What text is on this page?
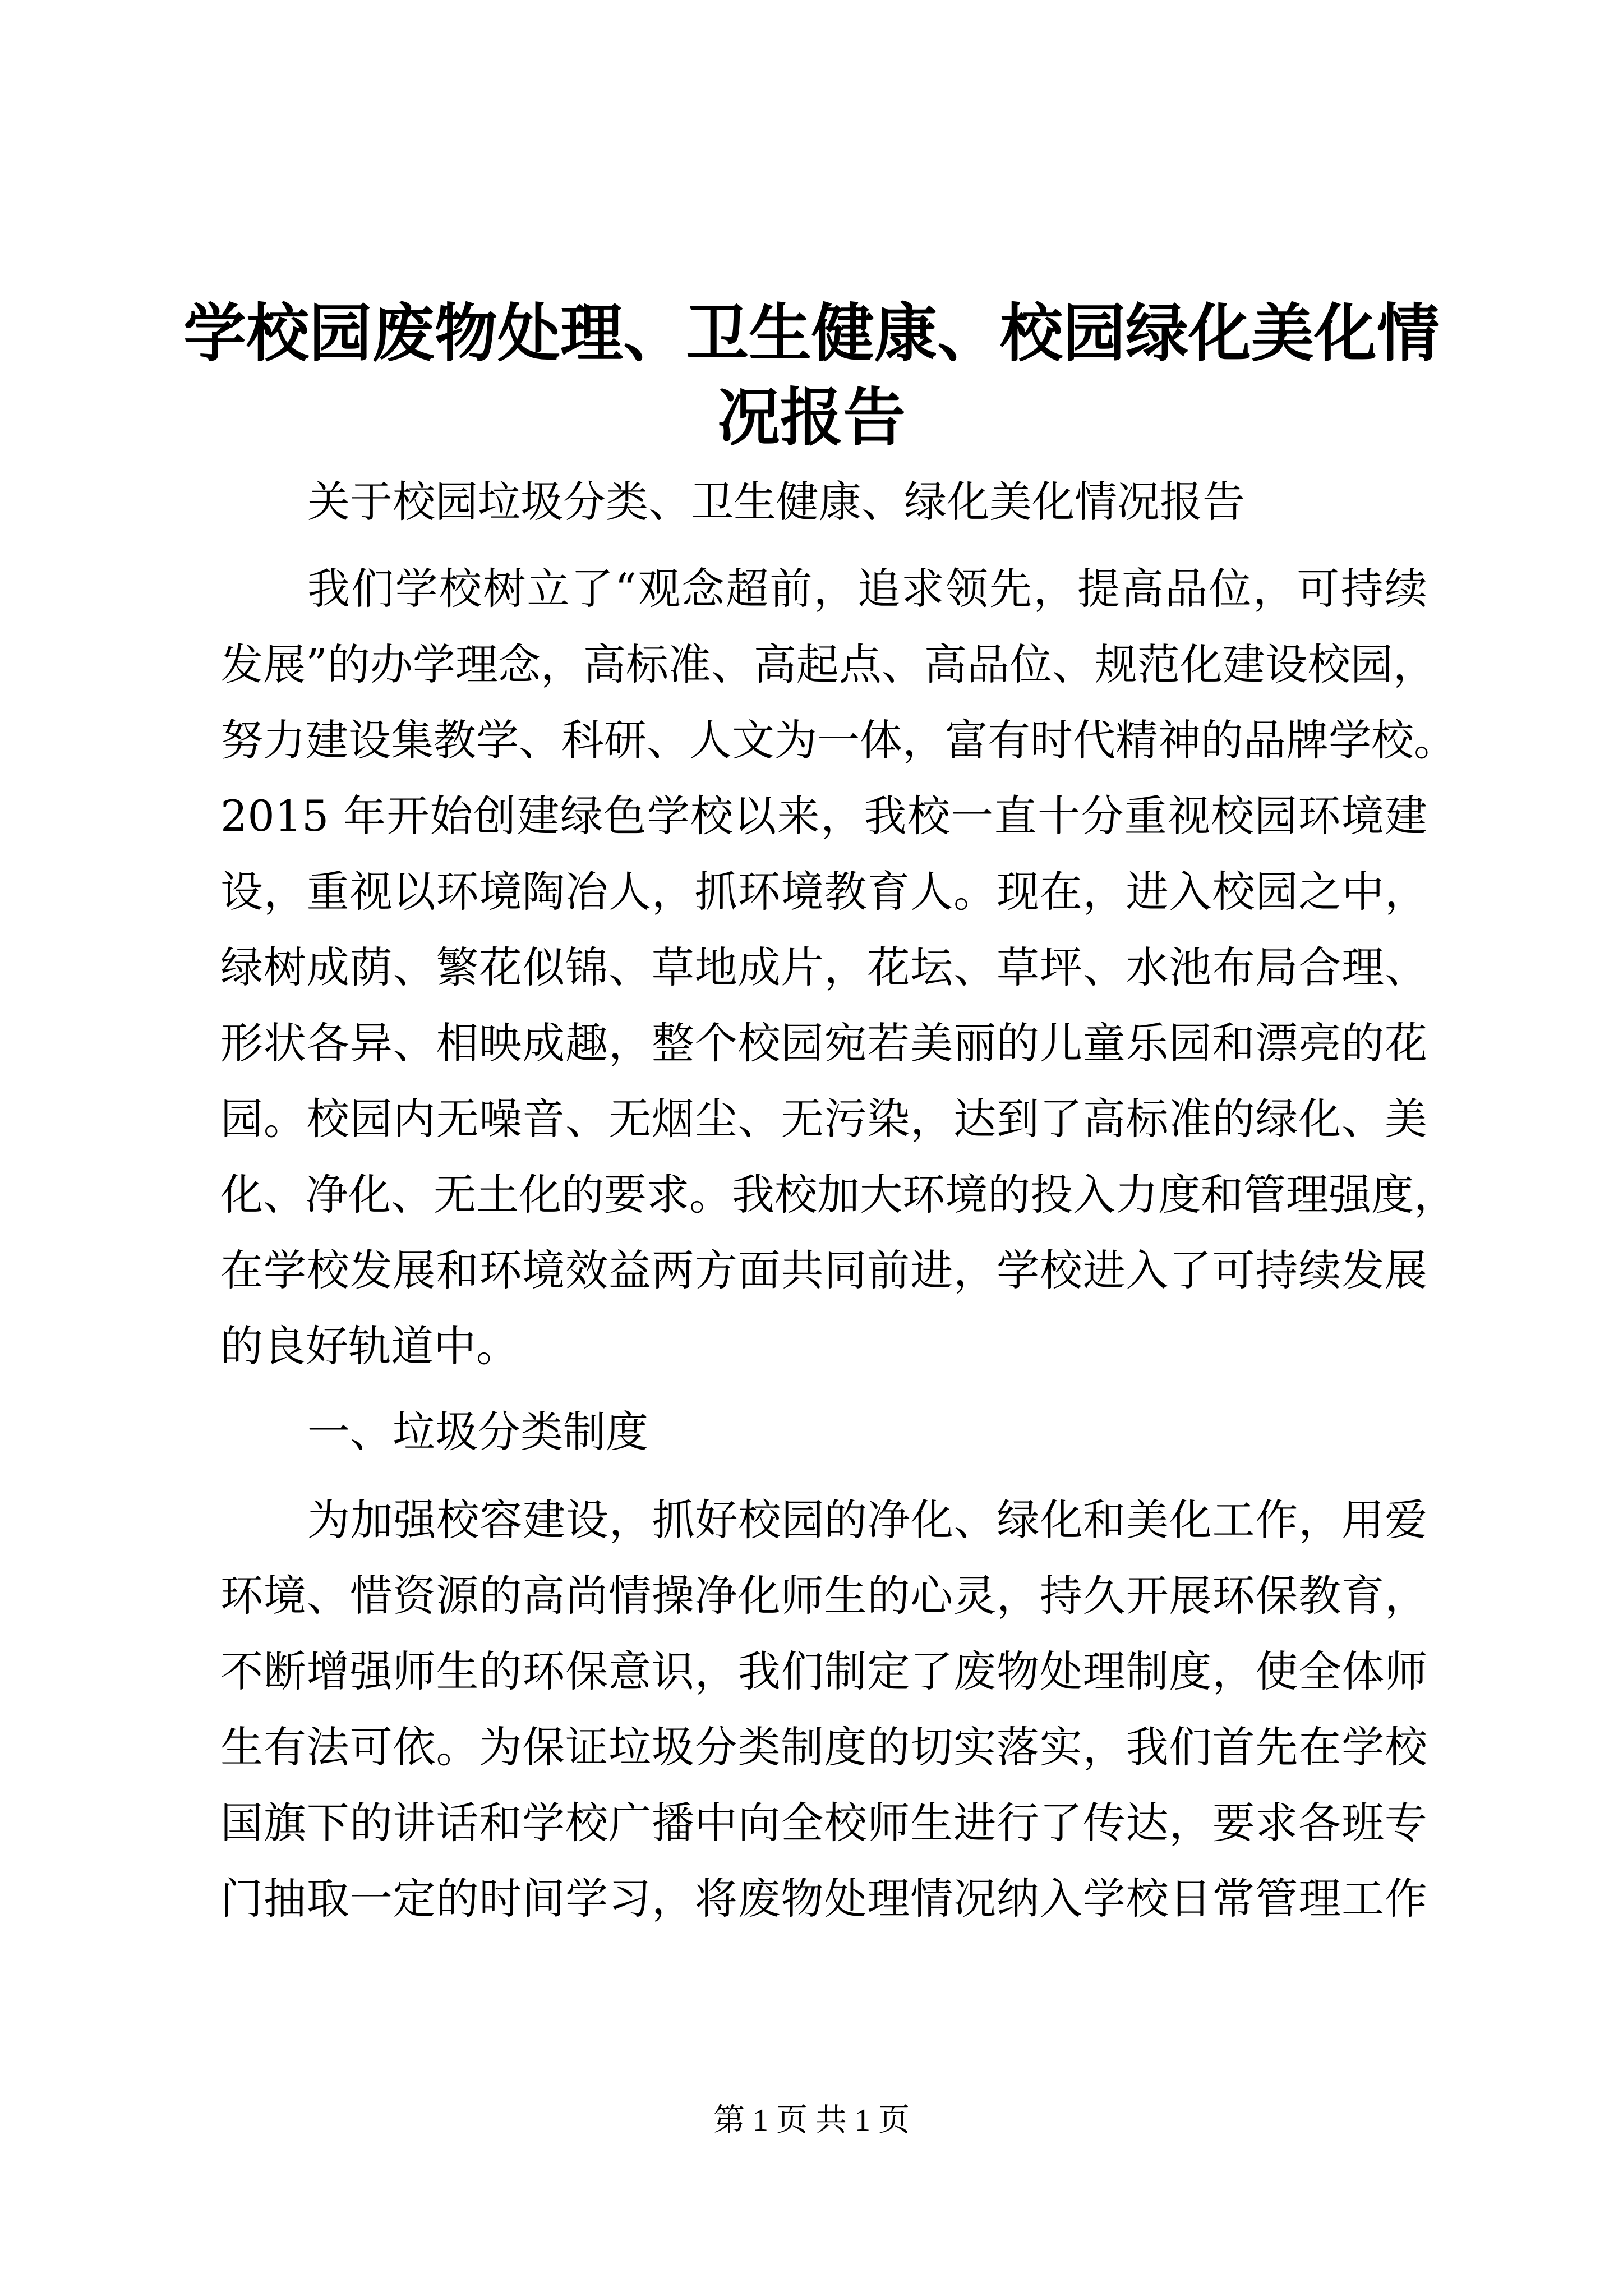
学校园废物处理、卫生健康、校园绿化美化情
况报告
关于校园垃圾分类、卫生健康、绿化美化情况报告
我们学校树立了“观念超前，追求领先，提高品位，可持续
发展”的办学理念，高标准、高起点、高品位、规范化建设校园，
努力建设集教学、科研、人文为一体，富有时代精神的品牌学校。
2015 年开始创建绿色学校以来，我校一直十分重视校园环境建
设，重视以环境陶冶人，抓环境教育人。现在，进入校园之中，
绿树成荫、繁花似锦、草地成片，花坛、草坪、水池布局合理、
形状各异、相映成趣，整个校园宛若美丽的儿童乐园和漂亮的花
园。校园内无噪音、无烟尘、无污染，达到了高标准的绿化、美
化、净化、无土化的要求。我校加大环境的投入力度和管理强度，
在学校发展和环境效益两方面共同前进，学校进入了可持续发展
的良好轨道中。
一、垃圾分类制度
为加强校容建设，抓好校园的净化、绿化和美化工作，用爱
环境、惜资源的高尚情操净化师生的心灵，持久开展环保教育，
不断增强师生的环保意识，我们制定了废物处理制度，使全体师
生有法可依。为保证垃圾分类制度的切实落实，我们首先在学校
国旗下的讲话和学校广播中向全校师生进行了传达，要求各班专
门抽取一定的时间学习，将废物处理情况纳入学校日常管理工作
第 1 页 共 1 页
